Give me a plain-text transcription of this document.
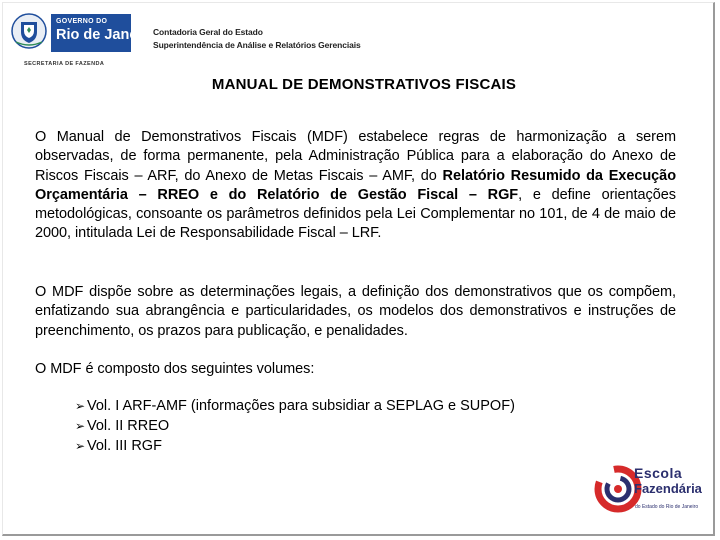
GOVERNO DO
Rio de Janeiro
SECRETARIA DE FAZENDA
Contadoria Geral do Estado
Superintendência de Análise e Relatórios Gerenciais
MANUAL DE DEMONSTRATIVOS FISCAIS

O Manual de Demonstrativos Fiscais (MDF) estabelece regras de harmonização a serem observadas, de forma permanente, pela Administração Pública para a elaboração do Anexo de Riscos Fiscais – ARF, do Anexo de Metas Fiscais – AMF, do Relatório Resumido da Execução Orçamentária – RREO e do Relatório de Gestão Fiscal – RGF, e define orientações metodológicas, consoante os parâmetros definidos pela Lei Complementar no 101, de 4 de maio de 2000, intitulada Lei de Responsabilidade Fiscal – LRF.

O MDF dispõe sobre as determinações legais, a definição dos demonstrativos que os compõem, enfatizando sua abrangência e particularidades, os modelos dos demonstrativos e instruções de preenchimento, os prazos para publicação, e penalidades.

O MDF é composto dos seguintes volumes:

➢ Vol. I ARF-AMF (informações para subsidiar a SEPLAG e SUPOF)
➢ Vol. II RREO
➢ Vol. III RGF
Escola
Fazendária
do Estado do Rio de Janeiro
